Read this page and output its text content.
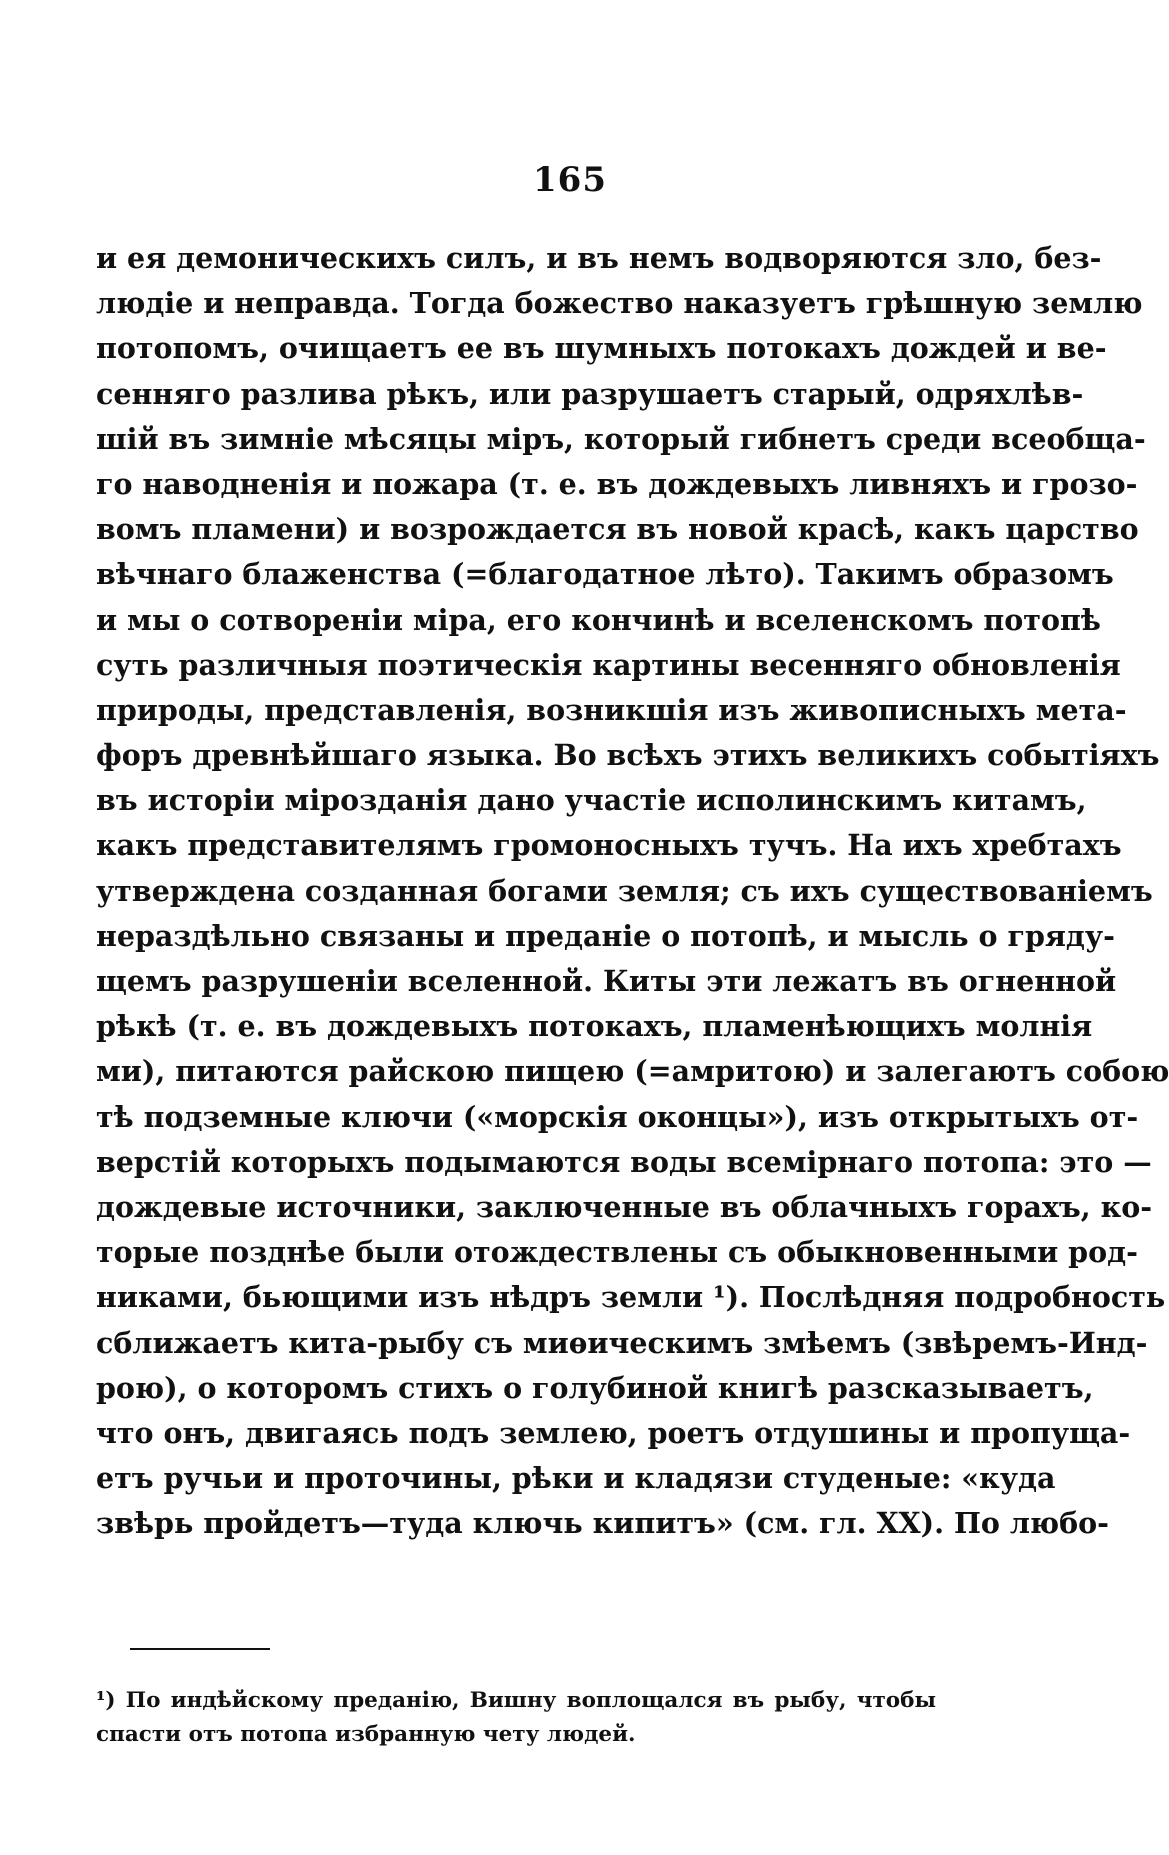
165
и ея демоническихъ силъ, и въ немъ водворяются зло, без-
людіе и неправда. Тогда божество наказуетъ грѣшную землю
потопомъ, очищаетъ ее въ шумныхъ потокахъ дождей и ве-
сенняго разлива рѣкъ, или разрушаетъ старый, одряхлѣв-
шій въ зимніе мѣсяцы міръ, который гибнетъ среди всеобща-
го наводненія и пожара (т. е. въ дождевыхъ ливняхъ и грозо-
вомъ пламени) и возрождается въ новой красѣ, какъ царство
вѣчнаго блаженства (=благодатное лѣто). Такимъ образомъ
и мы о сотвореніи міра, его кончинѣ и вселенскомъ потопѣ
суть различныя поэтическія картины весенняго обновленія
природы, представленія, возникшія изъ живописныхъ мета-
форъ древнѣйшаго языка. Во всѣхъ этихъ великихъ событіяхъ
въ исторіи мірозданія дано участіе исполинскимъ китамъ,
какъ представителямъ громоносныхъ тучъ. На ихъ хребтахъ
утверждена созданная богами земля; съ ихъ существованіемъ
нераздѣльно связаны и преданіе о потопѣ, и мысль о гряду-
щемъ разрушеніи вселенной. Киты эти лежатъ въ огненной
рѣкѣ (т. е. въ дождевыхъ потокахъ, пламенѣющихъ молнія
ми), питаются райскою пищею (=амритою) и залегаютъ собою
тѣ подземные ключи («морскія оконцы»), изъ открытыхъ от-
верстій которыхъ подымаются воды всемірнаго потопа: это —
дождевые источники, заключенные въ облачныхъ горахъ, ко-
торые позднѣе были отождествлены съ обыкновенными род-
никами, бьющими изъ нѣдръ земли ¹). Послѣдняя подробность
сближаетъ кита-рыбу съ миѳическимъ змѣемъ (звѣремъ-Инд-
рою), о которомъ стихъ о голубиной книгѣ разсказываетъ,
что онъ, двигаясь подъ землею, роетъ отдушины и пропуща-
етъ ручьи и проточины, рѣки и кладязи студеные: «куда
звѣрь пройдетъ—туда ключь кипитъ» (см. гл. XX). По любо-
¹) По индѣйскому преданію, Вишну воплощался въ рыбу, чтобы
спасти отъ потопа избранную чету людей.
